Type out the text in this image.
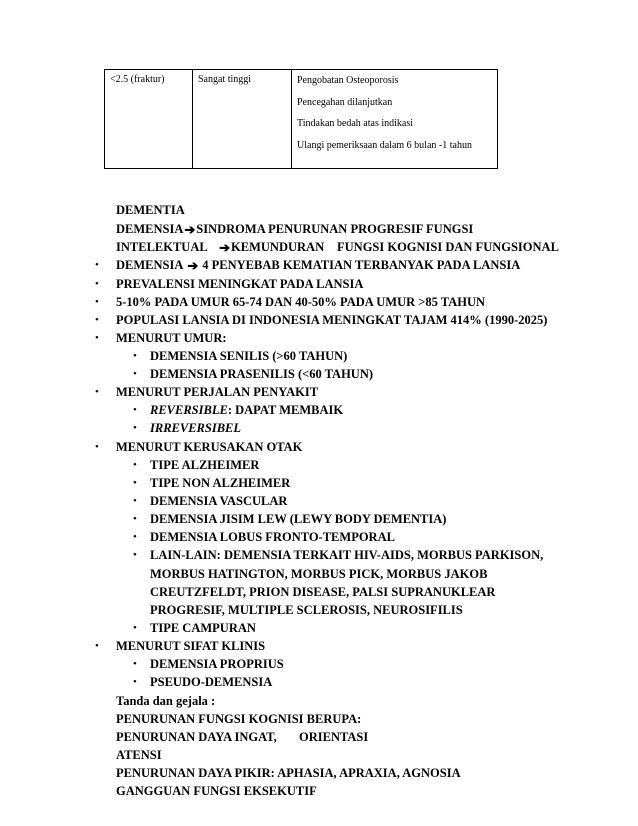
<2.5 (fraktur)	Sangat tinggi	Pengobatan Osteoporosis
Pencegahan dilanjutkan
Tindakan bedah atas indikasi
Ulangi pemeriksaan dalam 6 bulan -1 tahun
DEMENTIA
DEMENSIA➔SINDROMA PENURUNAN PROGRESIF FUNGSI
INTELEKTUAL ➔KEMUNDURAN FUNGSI KOGNISI DAN FUNGSIONAL
• DEMENSIA ➔ 4 PENYEBAB KEMATIAN TERBANYAK PADA LANSIA
• PREVALENSI MENINGKAT PADA LANSIA
• 5-10% PADA UMUR 65-74 DAN 40-50% PADA UMUR >85 TAHUN
• POPULASI LANSIA DI INDONESIA MENINGKAT TAJAM 414% (1990-2025)
• MENURUT UMUR:
• DEMENSIA SENILIS (>60 TAHUN)
• DEMENSIA PRASENILIS (<60 TAHUN)
• MENURUT PERJALAN PENYAKIT
• REVERSIBLE: DAPAT MEMBAIK
• IRREVERSIBEL
• MENURUT KERUSAKAN OTAK
• TIPE ALZHEIMER
• TIPE NON ALZHEIMER
• DEMENSIA VASCULAR
• DEMENSIA JISIM LEW (LEWY BODY DEMENTIA)
• DEMENSIA LOBUS FRONTO-TEMPORAL
• LAIN-LAIN: DEMENSIA TERKAIT HIV-AIDS, MORBUS PARKISON,
MORBUS HATINGTON, MORBUS PICK, MORBUS JAKOB
CREUTZFELDT, PRION DISEASE, PALSI SUPRANUKLEAR
PROGRESIF, MULTIPLE SCLEROSIS, NEUROSIFILIS
• TIPE CAMPURAN
• MENURUT SIFAT KLINIS
• DEMENSIA PROPRIUS
• PSEUDO-DEMENSIA
Tanda dan gejala :
PENURUNAN FUNGSI KOGNISI BERUPA:
PENURUNAN DAYA INGAT, ORIENTASI
ATENSI
PENURUNAN DAYA PIKIR: APHASIA, APRAXIA, AGNOSIA
GANGGUAN FUNGSI EKSEKUTIF
